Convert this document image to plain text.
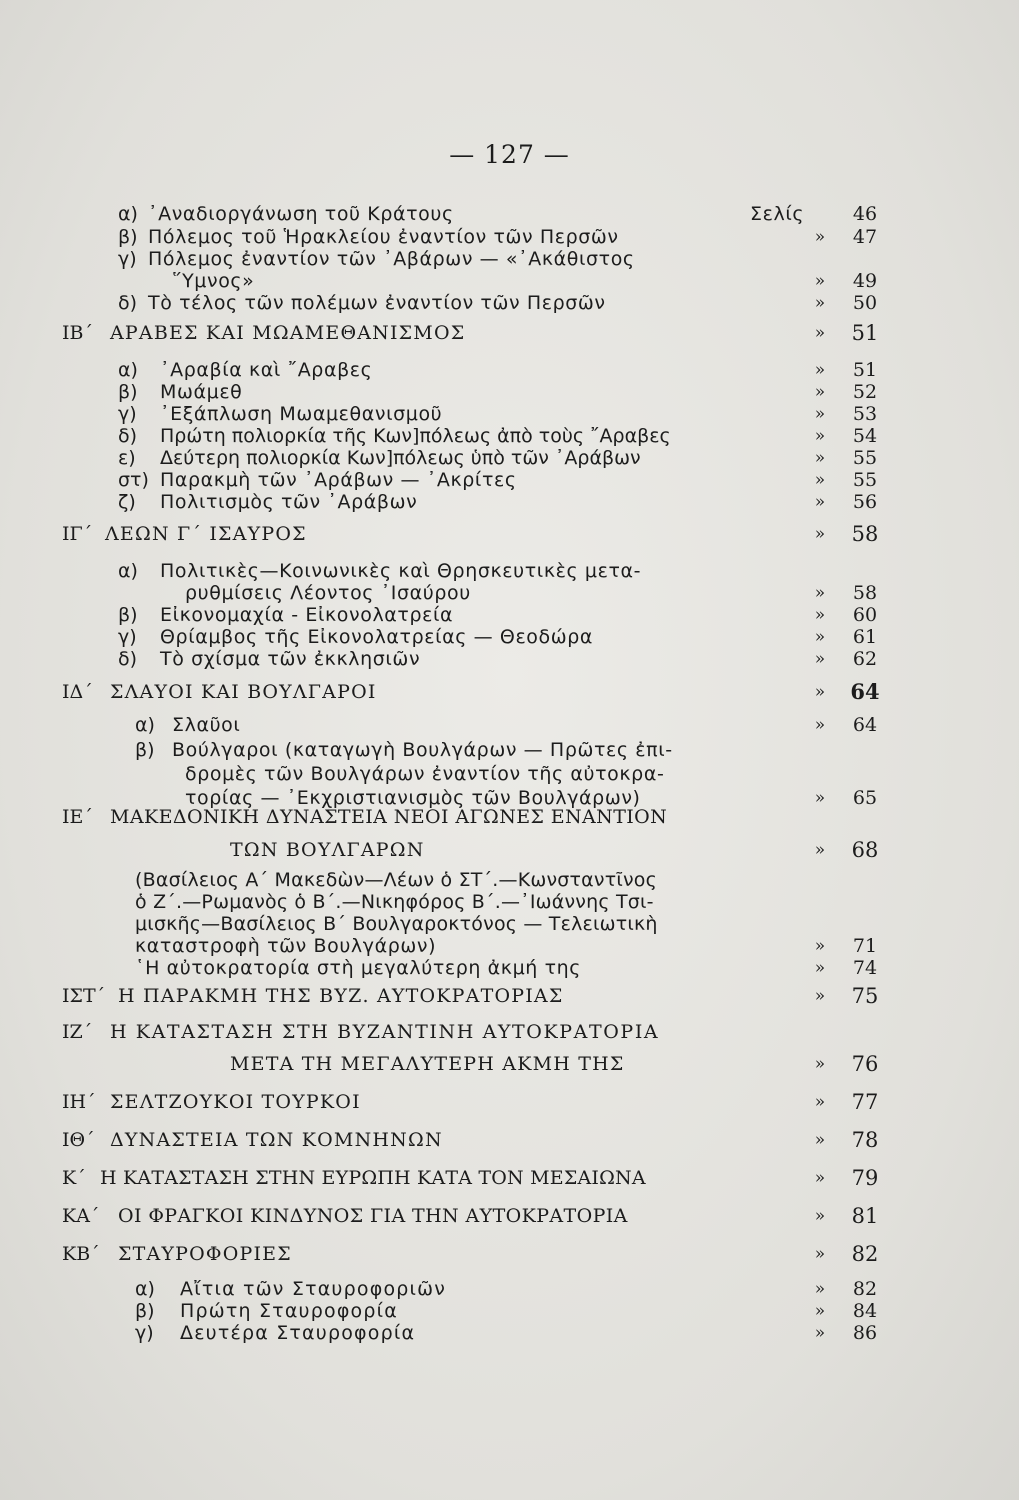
— 127 —
α) ᾿Αναδιοργάνωση τοῦ Κράτους	Σελίς	46
β) Πόλεμος τοῦ Ἡρακλείου ἐναντίον τῶν Περσῶν	»	47
γ) Πόλεμος ἐναντίον τῶν ᾿Αβάρων — «᾿Ακάθιστος
῞Υμνος»	»	49
δ) Τὸ τέλος τῶν πολέμων ἐναντίον τῶν Περσῶν	»	50
ΙΒ΄ ΑΡΑΒΕΣ ΚΑΙ ΜΩΑΜΕΘΑΝΙΣΜΟΣ	»	51
α) ᾿Αραβία καὶ ῎Αραβες	»	51
β) Μωάμεθ	»	52
γ) ᾿Εξάπλωση Μωαμεθανισμοῦ	»	53
δ) Πρώτη πολιορκία τῆς Κων]πόλεως ἀπὸ τοὺς ῎Αραβες	»	54
ε) Δεύτερη πολιορκία Κων]πόλεως ὑπὸ τῶν ᾿Αράβων	»	55
στ) Παρακμὴ τῶν ᾿Αράβων — ᾿Ακρίτες	»	55
ζ) Πολιτισμὸς τῶν ᾿Αράβων	»	56
ΙΓ΄ ΛΕΩΝ Γ΄ ΙΣΑΥΡΟΣ	»	58
α) Πολιτικὲς—Κοινωνικὲς καὶ Θρησκευτικὲς μετα-
ρυθμίσεις Λέοντος ᾿Ισαύρου	»	58
β) Εἰκονομαχία - Εἰκονολατρεία	»	60
γ) Θρίαμβος τῆς Εἰκονολατρείας — Θεοδώρα	»	61
δ) Τὸ σχίσμα τῶν ἐκκλησιῶν	»	62
ΙΔ΄ ΣΛΑΥΟΙ ΚΑΙ ΒΟΥΛΓΑΡΟΙ	»	64
α) Σλαῦοι	»	64
β) Βούλγαροι (καταγωγὴ Βουλγάρων — Πρῶτες ἐπι-
δρομὲς τῶν Βουλγάρων ἐναντίον τῆς αὐτοκρα-
τορίας — ᾿Εκχριστιανισμὸς τῶν Βουλγάρων)	»	65
ΙΕ΄ ΜΑΚΕΔΟΝΙΚΗ ΔΥΝΑΣΤΕΙΑ ΝΕΟΙ ΑΓΩΝΕΣ ΕΝΑΝΤΙΟΝ
ΤΩΝ ΒΟΥΛΓΑΡΩΝ	»	68
(Βασίλειος Α΄ Μακεδὼν—Λέων ὁ ΣΤ΄.—Κωνσταντῖνος
ὁ Ζ΄.—Ρωμανὸς ὁ Β΄.—Νικηφόρος Β΄.—᾿Ιωάννης Τσι-
μισκῆς—Βασίλειος Β΄ Βουλγαροκτόνος — Τελειωτικὴ
καταστροφὴ τῶν Βουλγάρων)	»	71
῾Η αὐτοκρατορία στὴ μεγαλύτερη ἀκμή της	»	74
ΙΣΤ΄ Η ΠΑΡΑΚΜΗ ΤΗΣ ΒΥΖ. ΑΥΤΟΚΡΑΤΟΡΙΑΣ	»	75
ΙΖ΄ Η ΚΑΤΑΣΤΑΣΗ ΣΤΗ ΒΥΖΑΝΤΙΝΗ ΑΥΤΟΚΡΑΤΟΡΙΑ
ΜΕΤΑ ΤΗ ΜΕΓΑΛΥΤΕΡΗ ΑΚΜΗ ΤΗΣ	»	76
ΙΗ΄ ΣΕΛΤΖΟΥΚΟΙ ΤΟΥΡΚΟΙ	»	77
ΙΘ΄ ΔΥΝΑΣΤΕΙΑ ΤΩΝ ΚΟΜΝΗΝΩΝ	»	78
Κ΄ Η ΚΑΤΑΣΤΑΣΗ ΣΤΗΝ ΕΥΡΩΠΗ ΚΑΤΑ ΤΟΝ ΜΕΣΑΙΩΝΑ	»	79
ΚΑ΄ ΟΙ ΦΡΑΓΚΟΙ ΚΙΝΔΥΝΟΣ ΓΙΑ ΤΗΝ ΑΥΤΟΚΡΑΤΟΡΙΑ	»	81
ΚΒ΄ ΣΤΑΥΡΟΦΟΡΙΕΣ	»	82
α) Αἴτια τῶν Σταυροφοριῶν	»	82
β) Πρώτη Σταυροφορία	»	84
γ) Δευτέρα Σταυροφορία	»	86
